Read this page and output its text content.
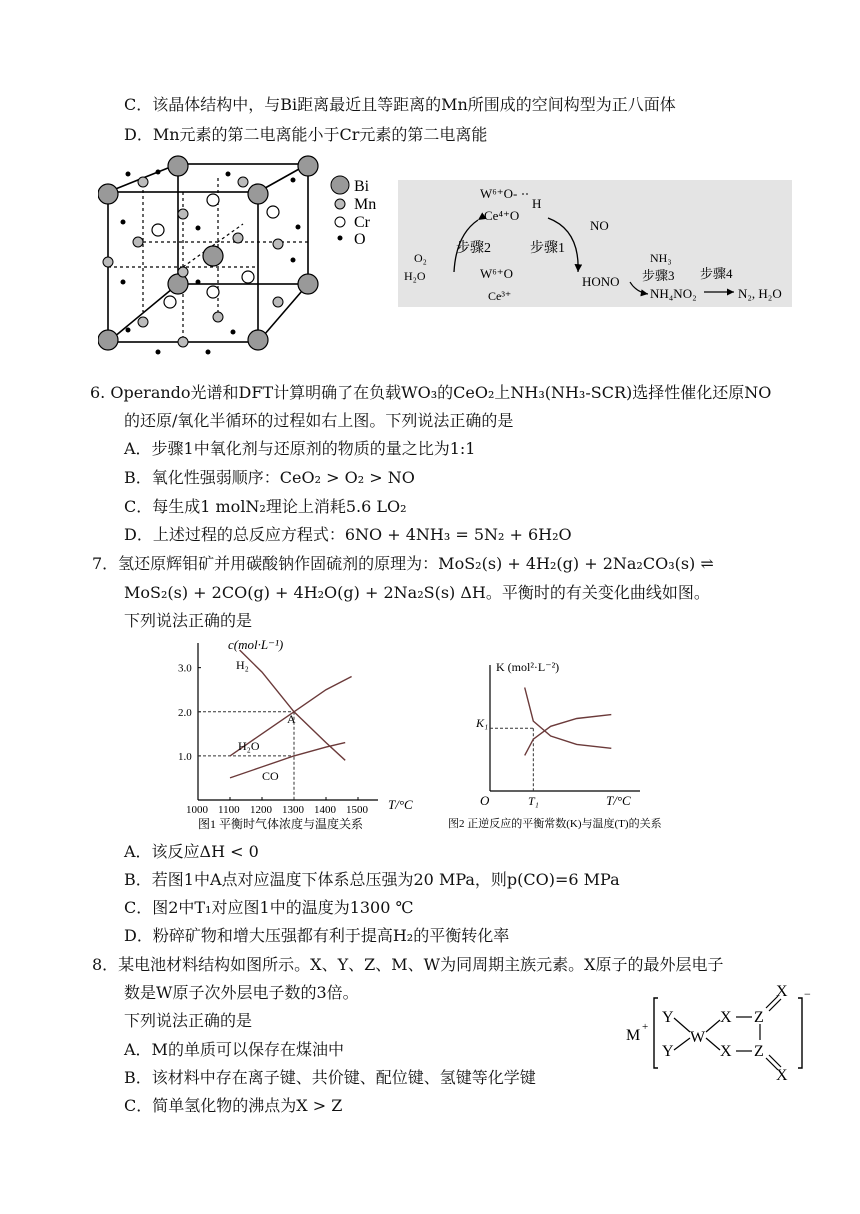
C．该晶体结构中，与Bi距离最近且等距离的Mn所围成的空间构型为正八面体
D．Mn元素的第二电离能小于Cr元素的第二电离能
Bi
Mn
Cr
O
W⁶⁺O-
H
Ce⁴⁺O
步骤2	步骤1
NO
O₂
H₂O	W⁶⁺O
Ce³⁺
HONO
NH₃
步骤3 步骤4
NH₄NO₂	N₂, H₂O
6. Operando光谱和DFT计算明确了在负载WO₃的CeO₂上NH₃(NH₃-SCR)选择性催化还原NO
的还原/氧化半循环的过程如右上图。下列说法正确的是
A．步骤1中氧化剂与还原剂的物质的量之比为1:1
B．氧化性强弱顺序：CeO₂ > O₂ > NO
C．每生成1 molN₂理论上消耗5.6 LO₂
D．上述过程的总反应方程式：6NO + 4NH₃ = 5N₂ + 6H₂O
7．氢还原辉钼矿并用碳酸钠作固硫剂的原理为：MoS₂(s) + 4H₂(g) + 2Na₂CO₃(s) ⇌
MoS₂(s) + 2CO(g) + 4H₂O(g) + 2Na₂S(s) ΔH。平衡时的有关变化曲线如图。
下列说法正确的是
1000 1100 1200 1300 1400 1500
1.0
2.0
3.0
c(mol·L⁻¹)
T/°C
图1 平衡时气体浓度与温度关系
A
H₂
H₂O
CO
K (mol²·L⁻²)
T/°C
O
K₁
T₁
图2 正逆反应的平衡常数(K)与温度(T)的关系
A．该反应ΔH < 0
B．若图1中A点对应温度下体系总压强为20 MPa，则p(CO)=6 MPa
C．图2中T₁对应图1中的温度为1300 ℃
D．粉碎矿物和增大压强都有利于提高H₂的平衡转化率
8．某电池材料结构如图所示。X、Y、Z、M、W为同周期主族元素。X原子的最外层电子
数是W原子次外层电子数的3倍。
下列说法正确的是
A．M的单质可以保存在煤油中
B．该材料中存在离子键、共价键、配位键、氢键等化学键
C．简单氢化物的沸点为X > Z
M +
Y
Y
W
X
X
Z
Z
X
X
−
